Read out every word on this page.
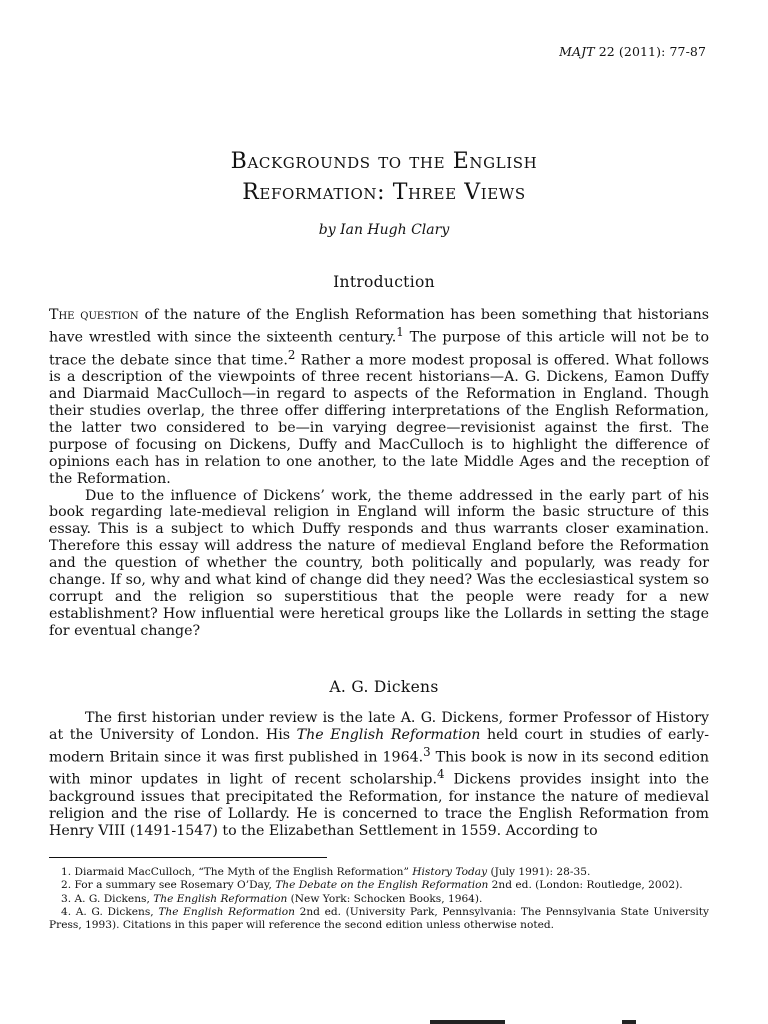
MAJT 22 (2011): 77-87
Backgrounds to the English
Reformation: Three Views
by Ian Hugh Clary
Introduction

The question of the nature of the English Reformation has been something that historians have wrestled with since the sixteenth century.$^1$ The purpose of this article will not be to trace the debate since that time.$^2$ Rather a more modest proposal is offered. What follows is a description of the viewpoints of three recent historians—A. G. Dickens, Eamon Duffy and Diarmaid MacCulloch—in regard to aspects of the Reformation in England. Though their studies overlap, the three offer differing interpretations of the English Reformation, the latter two considered to be—in varying degree—revisionist against the first. The purpose of focusing on Dickens, Duffy and MacCulloch is to highlight the difference of opinions each has in relation to one another, to the late Middle Ages and the reception of the Reformation.

Due to the influence of Dickens’ work, the theme addressed in the early part of his book regarding late-medieval religion in England will inform the basic structure of this essay. This is a subject to which Duffy responds and thus warrants closer examination. Therefore this essay will address the nature of medieval England before the Reformation and the question of whether the country, both politically and popularly, was ready for change. If so, why and what kind of change did they need? Was the ecclesiastical system so corrupt and the religion so superstitious that the people were ready for a new establishment? How influential were heretical groups like the Lollards in setting the stage for eventual change?

A. G. Dickens

The first historian under review is the late A. G. Dickens, former Professor of History at the University of London. His The English Reformation held court in studies of early-modern Britain since it was first published in 1964.$^3$ This book is now in its second edition with minor updates in light of recent scholarship.$^4$ Dickens provides insight into the background issues that precipitated the Reformation, for instance the nature of medieval religion and the rise of Lollardy. He is concerned to trace the English Reformation from Henry VIII (1491-1547) to the Elizabethan Settlement in 1559. According to

1. Diarmaid MacCulloch, “The Myth of the English Reformation” History Today (July 1991): 28-35.

2. For a summary see Rosemary O’Day, The Debate on the English Reformation 2nd ed. (London: Routledge, 2002).

3. A. G. Dickens, The English Reformation (New York: Schocken Books, 1964).

4. A. G. Dickens, The English Reformation 2nd ed. (University Park, Pennsylvania: The Pennsylvania State University Press, 1993). Citations in this paper will reference the second edition unless otherwise noted.
